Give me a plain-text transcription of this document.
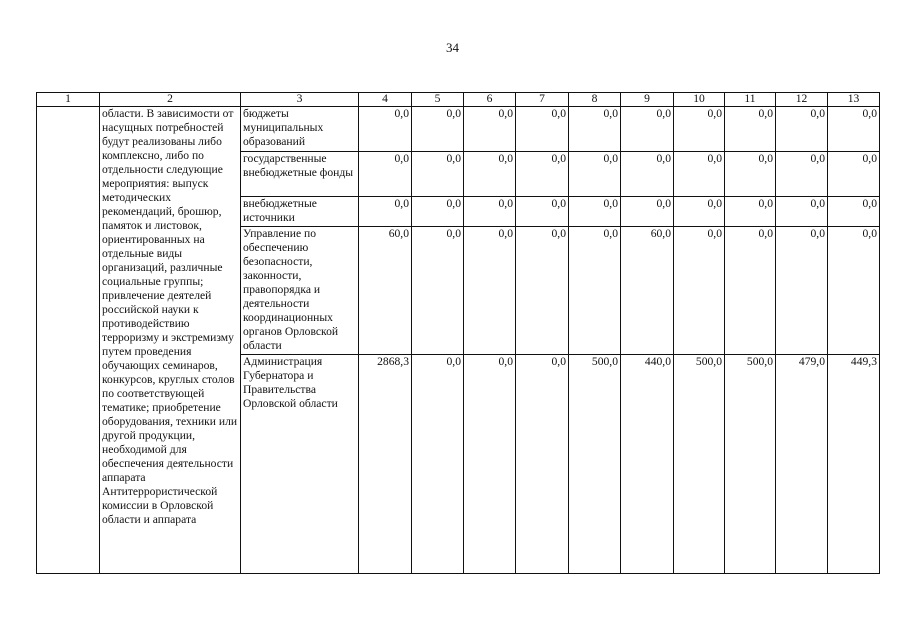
34
1	2	3	4	5	6	7	8	9	10	11	12	13
	области. В зависимости от насущных потребностей будут реализованы либо комплексно, либо по отдельности следующие мероприятия: выпуск методических рекомендаций, брошюр, памяток и листовок, ориентированных на отдельные виды организаций, различные социальные группы; привлечение деятелей российской науки к противодействию терроризму и экстремизму путем проведения обучающих семинаров, конкурсов, круглых столов по соответствующей тематике; приобретение оборудования, техники или другой продукции, необходимой для обеспечения деятельности аппарата Антитеррористической комиссии в Орловской области и аппарата	бюджеты муниципальных образований	0,0	0,0	0,0	0,0	0,0	0,0	0,0	0,0	0,0	0,0
		государственные внебюджетные фонды	0,0	0,0	0,0	0,0	0,0	0,0	0,0	0,0	0,0	0,0
		внебюджетные источники	0,0	0,0	0,0	0,0	0,0	0,0	0,0	0,0	0,0	0,0
		Управление по обеспечению безопасности, законности, правопорядка и деятельности координационных органов Орловской области	60,0	0,0	0,0	0,0	0,0	60,0	0,0	0,0	0,0	0,0
		Администрация Губернатора и Правительства Орловской области	2868,3	0,0	0,0	0,0	500,0	440,0	500,0	500,0	479,0	449,3
